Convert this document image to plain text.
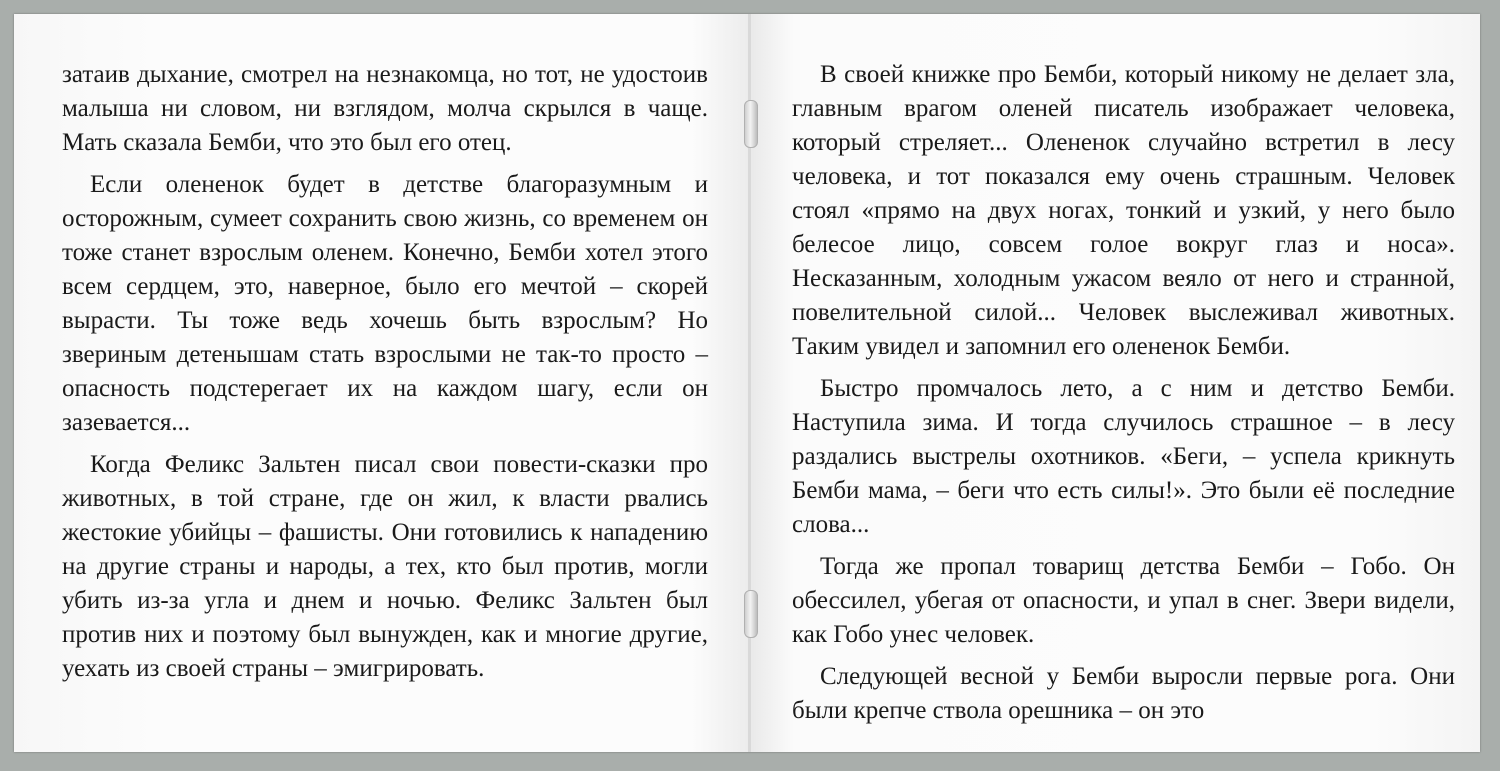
затаив дыхание, смотрел на незнакомца, но тот, не удостоив малыша ни словом, ни взглядом, молча скрылся в чаще. Мать сказала Бемби, что это был его отец.

Если олененок будет в детстве благоразумным и осторожным, сумеет сохранить свою жизнь, со временем он тоже станет взрослым оленем. Конечно, Бемби хотел этого всем сердцем, это, наверное, было его мечтой – скорей вырасти. Ты тоже ведь хочешь быть взрослым? Но звериным детенышам стать взрослыми не так-то просто – опасность подстерегает их на каждом шагу, если он зазевается...

Когда Феликс Зальтен писал свои повести-сказки про животных, в той стране, где он жил, к власти рвались жестокие убийцы – фашисты. Они готовились к нападению на другие страны и народы, а тех, кто был против, могли убить из-за угла и днем и ночью. Феликс Зальтен был против них и поэтому был вынужден, как и многие другие, уехать из своей страны – эмигрировать.

В своей книжке про Бемби, который никому не делает зла, главным врагом оленей писатель изображает человека, который стреляет... Олененок случайно встретил в лесу человека, и тот показался ему очень страшным. Человек стоял «прямо на двух ногах, тонкий и узкий, у него было белесое лицо, совсем голое вокруг глаз и носа». Несказанным, холодным ужасом веяло от него и странной, повелительной силой... Человек выслеживал животных. Таким увидел и запомнил его олененок Бемби.

Быстро промчалось лето, а с ним и детство Бемби. Наступила зима. И тогда случилось страшное – в лесу раздались выстрелы охотников. «Беги, – успела крикнуть Бемби мама, – беги что есть силы!». Это были её последние слова...

Тогда же пропал товарищ детства Бемби – Гобо. Он обессилел, убегая от опасности, и упал в снег. Звери видели, как Гобо унес человек.

Следующей весной у Бемби выросли первые рога. Они были крепче ствола орешника – он это
